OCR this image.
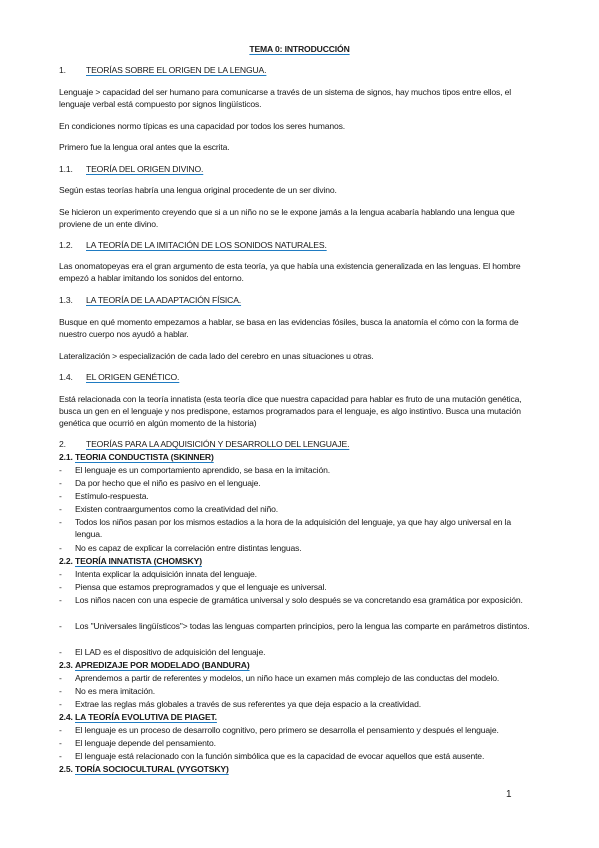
TEMA 0: INTRODUCCIÓN
1. TEORÍAS SOBRE EL ORIGEN DE LA LENGUA.
Lenguaje > capacidad del ser humano para comunicarse a través de un sistema de signos, hay muchos tipos entre ellos, el lenguaje verbal está compuesto por signos lingüísticos.
En condiciones normo típicas es una capacidad por todos los seres humanos.
Primero fue la lengua oral antes que la escrita.
1.1. TEORÍA DEL ORIGEN DIVINO.
Según estas teorías habría una lengua original procedente de un ser divino.
Se hicieron un experimento creyendo que si a un niño no se le expone jamás a la lengua acabaría hablando una lengua que proviene de un ente divino.
1.2. LA TEORÍA DE LA IMITACIÓN DE LOS SONIDOS NATURALES.
Las onomatopeyas era el gran argumento de esta teoría, ya que había una existencia generalizada en las lenguas. El hombre empezó a hablar imitando los sonidos del entorno.
1.3. LA TEORÍA DE LA ADAPTACIÓN FÍSICA.
Busque en qué momento empezamos a hablar, se basa en las evidencias fósiles, busca la anatomía el cómo con la forma de nuestro cuerpo nos ayudó a hablar.
Lateralización > especialización de cada lado del cerebro en unas situaciones u otras.
1.4. EL ORIGEN GENÉTICO.
Está relacionada con la teoría innatista (esta teoría dice que nuestra capacidad para hablar es fruto de una mutación genética, busca un gen en el lenguaje y nos predispone, estamos programados para el lenguaje, es algo instintivo. Busca una mutación genética que ocurrió en algún momento de la historia)
2. TEORÍAS PARA LA ADQUISICIÓN Y DESARROLLO DEL LENGUAJE.
2.1. TEORIA CONDUCTISTA (SKINNER)
- El lenguaje es un comportamiento aprendido, se basa en la imitación.
- Da por hecho que el niño es pasivo en el lenguaje.
- Estímulo-respuesta.
- Existen contraargumentos como la creatividad del niño.
- Todos los niños pasan por los mismos estadios a la hora de la adquisición del lenguaje, ya que hay algo universal en la lengua.
- No es capaz de explicar la correlación entre distintas lenguas.
2.2. TEORÍA INNATISTA (CHOMSKY)
- Intenta explicar la adquisición innata del lenguaje.
- Piensa que estamos preprogramados y que el lenguaje es universal.
- Los niños nacen con una especie de gramática universal y solo después se va concretando esa gramática por exposición.
- Los "Universales lingüísticos"> todas las lenguas comparten principios, pero la lengua las comparte en parámetros distintos.
- El LAD es el dispositivo de adquisición del lenguaje.
2.3. APREDIZAJE POR MODELADO (BANDURA)
- Aprendemos a partir de referentes y modelos, un niño hace un examen más complejo de las conductas del modelo.
- No es mera imitación.
- Extrae las reglas más globales a través de sus referentes ya que deja espacio a la creatividad.
2.4. LA TEORÍA EVOLUTIVA DE PIAGET.
- El lenguaje es un proceso de desarrollo cognitivo, pero primero se desarrolla el pensamiento y después el lenguaje.
- El lenguaje depende del pensamiento.
- El lenguaje está relacionado con la función simbólica que es la capacidad de evocar aquellos que está ausente.
2.5. TORÍA SOCIOCULTURAL (VYGOTSKY)
1
